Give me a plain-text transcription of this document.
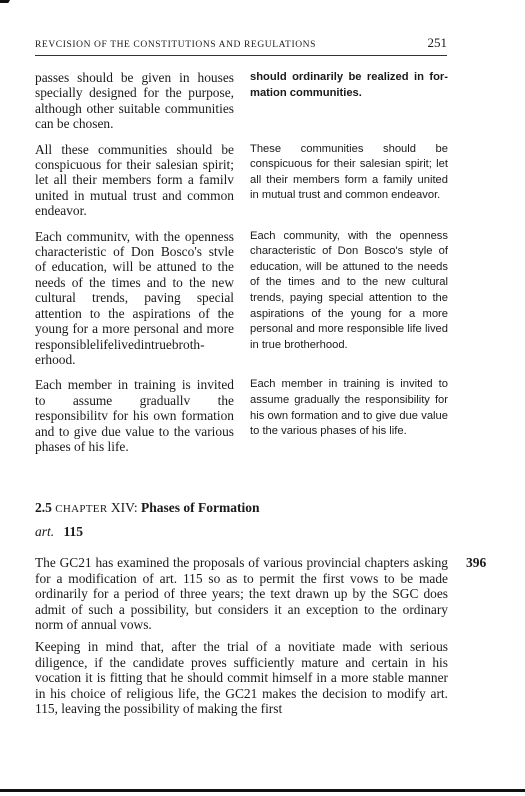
REVCISION OF THE CONSTITUTIONS AND REGULATIONS	251
passes should be given in houses specially designed for the purpose, although other suitable communities can be chosen.
should ordinarily be realized in formation communities.
All these communities should be conspicuous for their salesian spirit; let all their members form a familv united in mutual trust and common endeavor.
These communities should be conspicuous for their salesian spirit; let all their members form a family united in mutual trust and common endeavor.
Each communitv, with the openness characteristic of Don Bosco's stvle of education, will be attuned to the needs of the times and to the new cultural trends, paving special attention to the aspirations of the young for a more personal and more responsiblelifelivedintruebrotherhood.
Each community, with the openness characteristic of Don Bosco's style of education, will be attuned to the needs of the times and to the new cultural trends, paying special attention to the aspirations of the young for a more personal and more responsible life lived in true brotherhood.
Each member in training is invited to assume graduallv the responsibilitv for his own formation and to give due value to the various phases of his life.
Each member in training is invited to assume gradually the responsibility for his own formation and to give due value to the various phases of his life.
2.5 CHAPTER XIV: Phases of Formation
art. 115
396

The GC21 has examined the proposals of various provincial chapters asking for a modification of art. 115 so as to permit the first vows to be made ordinarily for a period of three years; the text drawn up by the SGC does admit of such a possibility, but considers it an exception to the ordinary norm of annual vows.

Keeping in mind that, after the trial of a novitiate made with serious diligence, if the candidate proves sufficiently mature and certain in his vocation it is fitting that he should commit himself in a more stable manner in his choice of religious life, the GC21 makes the decision to modify art. 115, leaving the possibility of making the first
